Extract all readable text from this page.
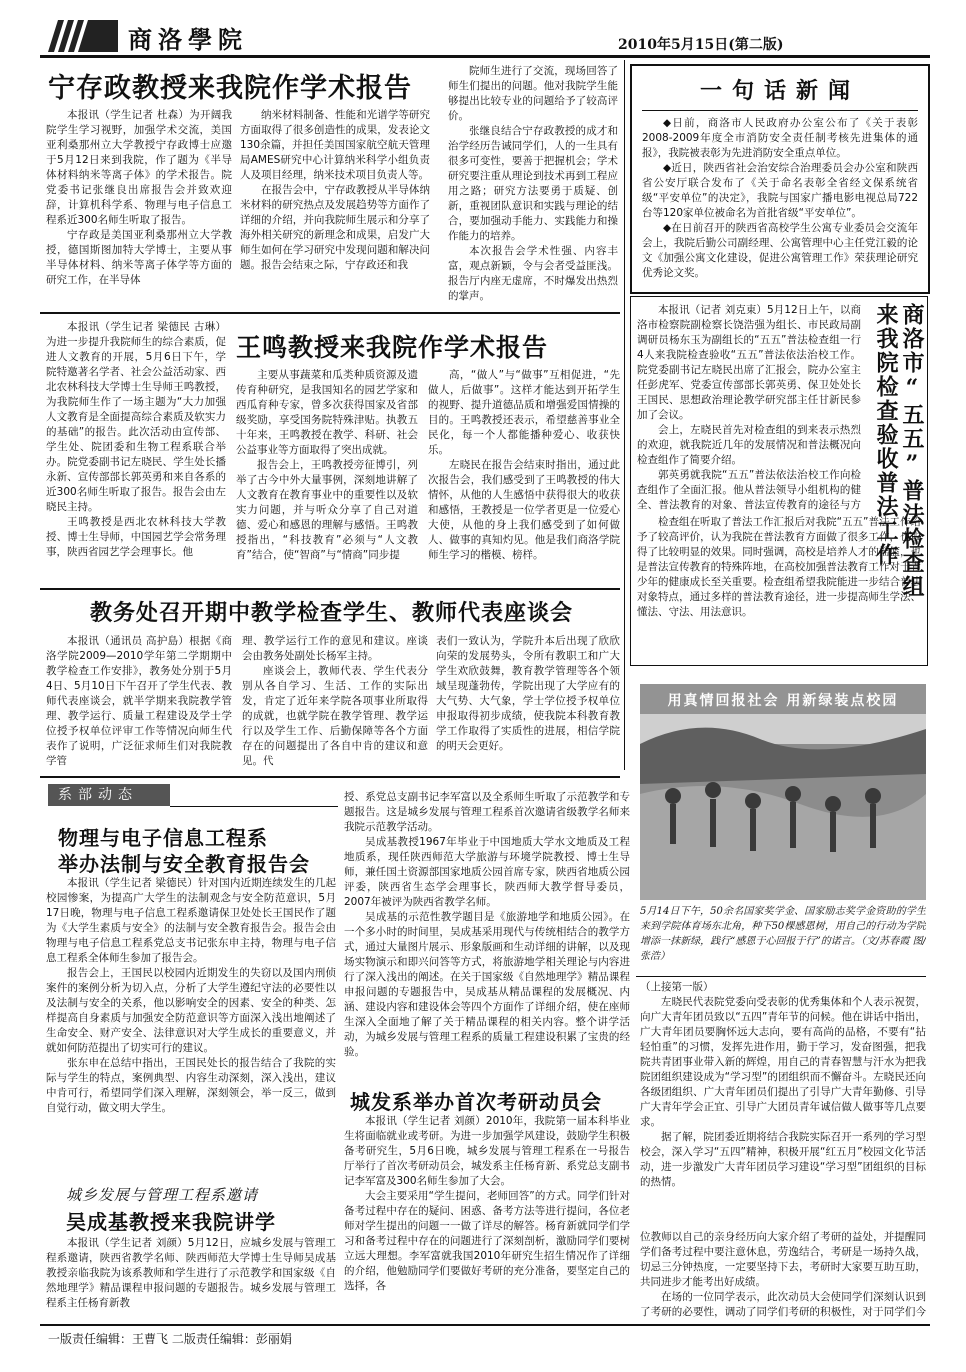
商洛學院	2010年5月15日(第二版)
宁存政教授来我院作学术报告

本报讯（学生记者 杜森）为开阔我院学生学习视野，加强学术交流，美国亚利桑那州立大学教授宁存政博士应邀于5月12日来到我院，作了题为《半导体材料纳米等离子体》的学术报告。院党委书记张继良出席报告会并致欢迎辞，计算机科学系、物理与电子信息工程系近300名师生听取了报告。

宁存政是美国亚利桑那州立大学教授，德国斯图加特大学博士，主要从事半导体材料、纳米等离子体学等方面的研究工作，在半导体

纳米材料制备、性能和光谱学等研究方面取得了很多创造性的成果，发表论文130余篇，并担任美国国家航空航天管理局AMES研究中心计算纳米科学小组负责人及项目经理，纳米技术项目负责人等。

在报告会中，宁存政教授从半导体纳米材料的研究热点及发展趋势等方面作了详细的介绍，并向我院师生展示和分享了海外相关研究的新理念和成果，启发广大师生如何在学习研究中发现问题和解决问题。报告会结束之际，宁存政还和我

院师生进行了交流，现场回答了师生们提出的问题。他对我院学生能够提出比较专业的问题给予了较高评价。

张继良结合宁存政教授的成才和治学经历告诫同学们，人的一生具有很多可变性，要善于把握机会；学术研究要注重从理论到技术再到工程应用之路；研究方法要勇于质疑、创新，重视团队意识和实践与理论的结合，要加强动手能力、实践能力和操作能力的培养。

本次报告会学术性强、内容丰富，观点新颖，令与会者受益匪浅。报告厅内座无虚席，不时爆发出热烈的掌声。

一句话新闻

◆日前，商洛市人民政府办公室公布了《关于表彰2008-2009年度全市消防安全责任制考核先进集体的通报》，我院被表彰为先进消防安全重点单位。

◆近日，陕西省社会治安综合治理委员会办公室和陕西省公安厅联合发布了《关于命名表彰全省经文保系统省级“平安单位”的决定》，我院与国家广播电影电视总局722台等120家单位被命名为首批省级“平安单位”。

◆在日前召开的陕西省高校学生公寓专业委员会交流年会上，我院后勤公司副经理、公寓管理中心主任党江毅的论文《加强公寓文化建设，促进公寓管理工作》荣获理论研究优秀论文奖。

本报讯（学生记者 梁德民 古琳）为进一步提升我院师生的综合素质，促进人文教育的开展，5月6日下午，学院特邀著名学者、社会公益活动家、西北农林科技大学博士生导师王鸣教授，为我院师生作了一场主题为“大力加强人文教育是全面提高综合素质及软实力的基础”的报告。此次活动由宣传部、学生处、院团委和生物工程系联合举办。院党委副书记左晓民、学生处长播永新、宣传部部长郭英勇和来自各系的近300名师生听取了报告。报告会由左晓民主持。

王鸣教授是西北农林科技大学教授、博士生导师，中国园艺学会常务理事，陕西省园艺学会理事长。他

王鸣教授来我院作学术报告

主要从事蔬菜和瓜类种质资源及遗传育种研究，是我国知名的园艺学家和西瓜育种专家，曾多次获得国家及省部级奖励，享受国务院特殊津贴。执教五十年来，王鸣教授在教学、科研、社会公益事业等方面取得了突出成就。

报告会上，王鸣教授旁征博引，列举了古今中外大量事例，深刻地讲解了人文教育在教育事业中的重要性以及软实力问题，并与听众分享了自己对道德、爱心和感恩的理解与感悟。王鸣教授指出，“科技教育”必须与“人文教育”结合，使“智商”与“情商”同步提

高，“做人”与“做事”互相促进，“先做人，后做事”。这样才能达到开拓学生的视野、提升道德品质和增强爱国情操的目的。王鸣教授还表示，希望慈善事业全民化，每一个人都能播种爱心、收获快乐。

左晓民在报告会结束时指出，通过此次报告会，我们感受到了王鸣教授的伟大情怀，从他的人生感悟中获得很大的收获和感悟，王教授是一位学者更是一位爱心大使，从他的身上我们感受到了如何做人、做事的真知灼见。他是我们商洛学院师生学习的楷模、榜样。

本报讯（记者 刘克東）5月12日上午，以商洛市检察院副检察长饶浩强为组长、市民政局副调研员杨东玉为副组长的“五五”普法检查组一行4人来我院检查验收“五五”普法依法治校工作。院党委副书记左晓民出席了汇报会，院办公室主任彭虎军、党委宣传部部长郭英勇、保卫处处长王国民、思想政治理论教学研究部主任甘新民参加了会议。

会上，左晓民首先对检查组的到来表示热烈的欢迎，就我院近几年的发展情况和普法概况向检查组作了简要介绍。

郭英勇就我院“五五”普法依法治校工作向检查组作了全面汇报。他从普法领导小组机构的健全、普法教育的对象、普法宣传教育的途径与方 商洛市“五五”普法检查组
来我院检查验收普法工作

检查组在听取了普法工作汇报后对我院“五五”普法工作给予了较高评价，认为我院在普法教育方面做了很多工作，也取得了比较明显的效果。同时强调，高校是培养人才的摇篮，也是普法宣传教育的特殊阵地，在高校加强普法教育工作对于青少年的健康成长至关重要。检查组希望我院能进一步结合普法对象特点，通过多样的普法教育途径，进一步提高师生学法、懂法、守法、用法意识。

教务处召开期中教学检查学生、教师代表座谈会

本报讯（通讯员 高护島）根据《商洛学院2009—2010学年第二学期期中教学检查工作安排》，教务处分别于5月4日、5月10日下午召开了学生代表、教师代表座谈会，就半学期来我院教学管理、教学运行、质量工程建设及学士学位授予权单位评审工作等情况向师生代表作了说明，广泛征求师生们对我院教学管

理、教学运行工作的意见和建议。座谈会由教务处副处长杨军主持。

座谈会上，教师代表、学生代表分别从各自学习、生活、工作的实际出发，肯定了近年来学院各项事业所取得的成就，也就学院在教学管理、教学运行以及学生工作、后勤保障等各个方面存在的问题提出了各自中肯的建议和意见。代

表们一致认为，学院升本后出现了欣欣向荣的发展势头，令所有教职工和广大学生欢欣鼓舞，教育教学管理等各个领域呈现蓬勃传，学院出现了大学应有的大气势、大气象，学士学位授予权单位申报取得初步成绩，使我院本科教育教学工作取得了实质性的进展，相信学院的明天会更好。

用真情回报社会 用新绿装点校园
5月14日下午，50余名国家奖学金、国家励志奖学金资助的学生来到学院体育场东北角，种下50棵感恩树，用自己的行动为学院增添一抹新绿，践行“感恩于心回报于行”的诺言。（文/苏春霞 图/张浩）
系部动态
物理与电子信息工程系
举办法制与安全教育报告会

本报讯（学生记者 梁德民）针对国内近期连续发生的几起校园惨案，为提高广大学生的法制观念与安全防范意识，5月17日晚，物理与电子信息工程系邀请保卫处处长王国民作了题为《大学生素质与安全》的法制与安全教育报告会。报告会由物理与电子信息工程系党总支书记张东申主持，物理与电子信息工程系全体师生参加了报告会。

报告会上，王国民以校园内近期发生的失窃以及国内刑侦案件的案例分析为切入点，分析了大学生遵纪守法的必要性以及法制与安全的关系，他以影响安全的因素、安全的种类、怎样提高自身素质与加强安全防范意识等方面深入浅出地阐述了生命安全、财产安全、法律意识对大学生成长的重要意义，并就如何防范提出了切实可行的建议。

张东申在总结中指出，王国民处长的报告结合了我院的实际与学生的特点，案例典型、内容生动深刻，深入浅出，建议中肯可行，希望同学们深入理解，深刻领会，举一反三，做到自觉行动，做文明大学生。

城乡发展与管理工程系邀请
吴成基教授来我院讲学

本报讯（学生记者 刘颜）5月12日，应城乡发展与管理工程系邀请，陕西省教学名师、陕西师范大学博士生导师吴成基教授亲临我院为该系教师和学生进行了示范教学和国家级《自然地理学》精品课程申报问题的专题报告。城乡发展与管理工程系主任杨育新教

授、系党总支副书记李军富以及全系师生听取了示范教学和专题报告。这是城乡发展与管理工程系首次邀请省级教学名师来我院示范教学活动。

吴成基教授1967年毕业于中国地质大学水文地质及工程地质系，现任陕西师范大学旅游与环境学院教授、博士生导师，兼任国土资源部国家地质公园首席专家，陕西省地质公园评委，陕西省生态学会理事长，陕西师大教学督导委员，2007年被评为陕西省教学名师。

吴成基的示范性教学题目是《旅游地学和地质公园》。在一个多小时的时间里，吴成基采用现代与传统相结合的教学方式，通过大量图片展示、形象版画和生动详细的讲解，以及现场实物演示和即兴问答等方式，将旅游地学相关理论与内容进行了深入浅出的阐述。在关于国家级《自然地理学》精品课程申报问题的专题报告中，吴成基从精品课程的发展概况、内涵、建设内容和建设体会等四个方面作了详细介绍，使在座师生深入全面地了解了关于精品课程的相关内容。整个讲学活动，为城乡发展与管理工程系的质量工程建设积累了宝贵的经验。

城发系举办首次考研动员会

本报讯（学生记者 刘颜）2010年，我院第一届本科毕业生将面临就业或考研。为进一步加强学风建设，鼓励学生积极备考研究生，5月6日晚，城乡发展与管理工程系在一号报告厅举行了首次考研动员会，城发系主任杨育新、系党总支副书记李军富及300名师生参加了大会。

大会主要采用“学生提问，老师回答”的方式。同学们针对备考过程中存在的疑问、困惑、备考方法等进行提问，各位老师对学生提出的问题一一做了详尽的解答。杨育新就同学们学习和备考过程中存在的问题进行了深刻剖析，激励同学们要树立远大理想。李军富就我国2010年研究生招生情况作了详细的介绍，他勉励同学们要做好考研的充分准备，要坚定自己的选择，各

（上接第一版）

左晓民代表院党委向受表彰的优秀集体和个人表示祝贺，向广大青年团员致以“五四”青年节的问候。他在讲话中指出，广大青年团员要胸怀远大志向，要有高尚的品格，不要有“拈轻怕重”的习惯，发挥先进作用，勤于学习，发奋图强，把我院共青团事业带入新的辉煌，用自己的青春智慧与汗水为把我院团组织建设成为“学习型”的团组织而不懈奋斗。左晓民还向各级团组织、广大青年团员们提出了引导广大青年勤修、引导广大青年学会正宜、引导广大团员青年诚信做人做事等几点要求。

据了解，院团委近期将结合我院实际召开一系列的学习型校会，深入学习“五四”精神，积极开展“红五月”校园文化节活动，进一步激发广大青年团员学习建设“学习型”团组织的目标的热情。

位教师以自己的亲身经历向大家介绍了考研的益处，并提醒同学们备考过程中要注意休息，劳逸结合，考研是一场持久战，切忌三分钟热度，一定要坚持下去，考研时大家要互助互助，共同进步才能考出好成绩。

在场的一位同学表示，此次动员大会使同学们深刻认识到了考研的必要性，调动了同学们考研的积极性，对于同学们今

一版责任编辑：王曹飞 二版责任编辑：彭丽娟
